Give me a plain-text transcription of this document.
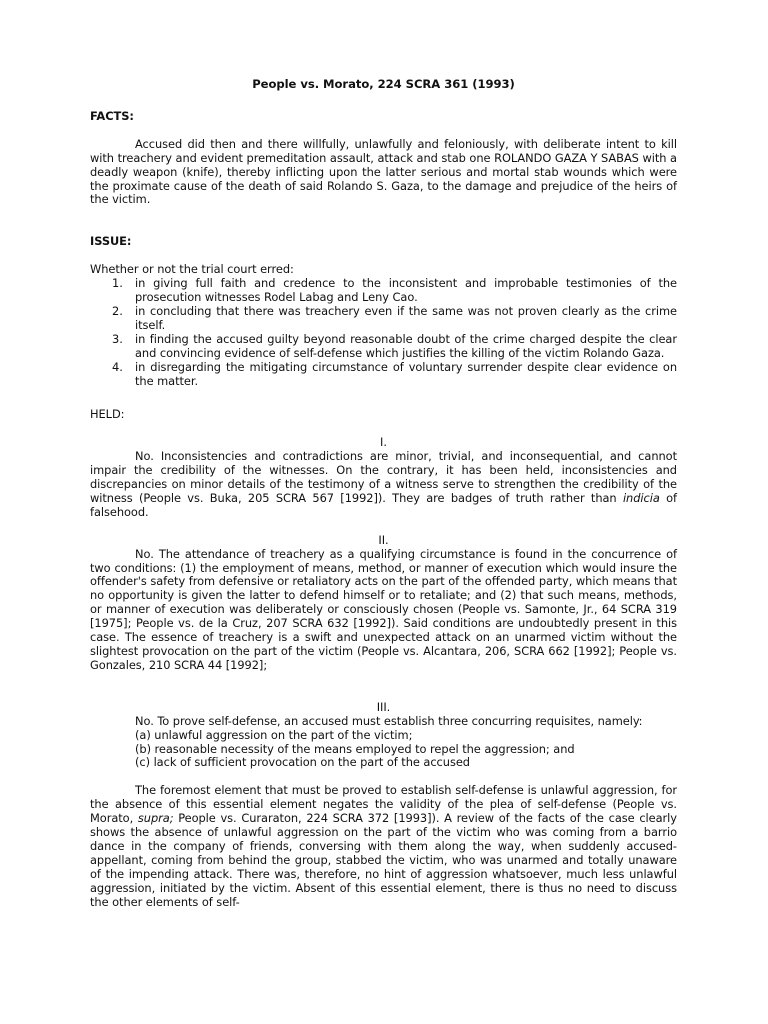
People vs. Morato, 224 SCRA 361 (1993)
FACTS:

Accused did then and there willfully, unlawfully and feloniously, with deliberate intent to kill with treachery and evident premeditation assault, attack and stab one ROLANDO GAZA Y SABAS with a deadly weapon (knife), thereby inflicting upon the latter serious and mortal stab wounds which were the proximate cause of the death of said Rolando S. Gaza, to the damage and prejudice of the heirs of the victim.

ISSUE:

Whether or not the trial court erred:

1. in giving full faith and credence to the inconsistent and improbable testimonies of the prosecution witnesses Rodel Labag and Leny Cao.
2. in concluding that there was treachery even if the same was not proven clearly as the crime itself.
3. in finding the accused guilty beyond reasonable doubt of the crime charged despite the clear and convincing evidence of self-defense which justifies the killing of the victim Rolando Gaza.
4. in disregarding the mitigating circumstance of voluntary surrender despite clear evidence on the matter.
HELD:
I.

No. Inconsistencies and contradictions are minor, trivial, and inconsequential, and cannot impair the credibility of the witnesses. On the contrary, it has been held, inconsistencies and discrepancies on minor details of the testimony of a witness serve to strengthen the credibility of the witness (People vs. Buka, 205 SCRA 567 [1992]). They are badges of truth rather than indicia of falsehood.

II.

No. The attendance of treachery as a qualifying circumstance is found in the concurrence of two conditions: (1) the employment of means, method, or manner of execution which would insure the offender's safety from defensive or retaliatory acts on the part of the offended party, which means that no opportunity is given the latter to defend himself or to retaliate; and (2) that such means, methods, or manner of execution was deliberately or consciously chosen (People vs. Samonte, Jr., 64 SCRA 319 [1975]; People vs. de la Cruz, 207 SCRA 632 [1992]). Said conditions are undoubtedly present in this case. The essence of treachery is a swift and unexpected attack on an unarmed victim without the slightest provocation on the part of the victim (People vs. Alcantara, 206, SCRA 662 [1992]; People vs. Gonzales, 210 SCRA 44 [1992];

III.

No. To prove self-defense, an accused must establish three concurring requisites, namely:

(a) unlawful aggression on the part of the victim;

(b) reasonable necessity of the means employed to repel the aggression; and

(c) lack of sufficient provocation on the part of the accused

The foremost element that must be proved to establish self-defense is unlawful aggression, for the absence of this essential element negates the validity of the plea of self-defense (People vs. Morato, supra; People vs. Curaraton, 224 SCRA 372 [1993]). A review of the facts of the case clearly shows the absence of unlawful aggression on the part of the victim who was coming from a barrio dance in the company of friends, conversing with them along the way, when suddenly accused-appellant, coming from behind the group, stabbed the victim, who was unarmed and totally unaware of the impending attack. There was, therefore, no hint of aggression whatsoever, much less unlawful aggression, initiated by the victim. Absent of this essential element, there is thus no need to discuss the other elements of self-
